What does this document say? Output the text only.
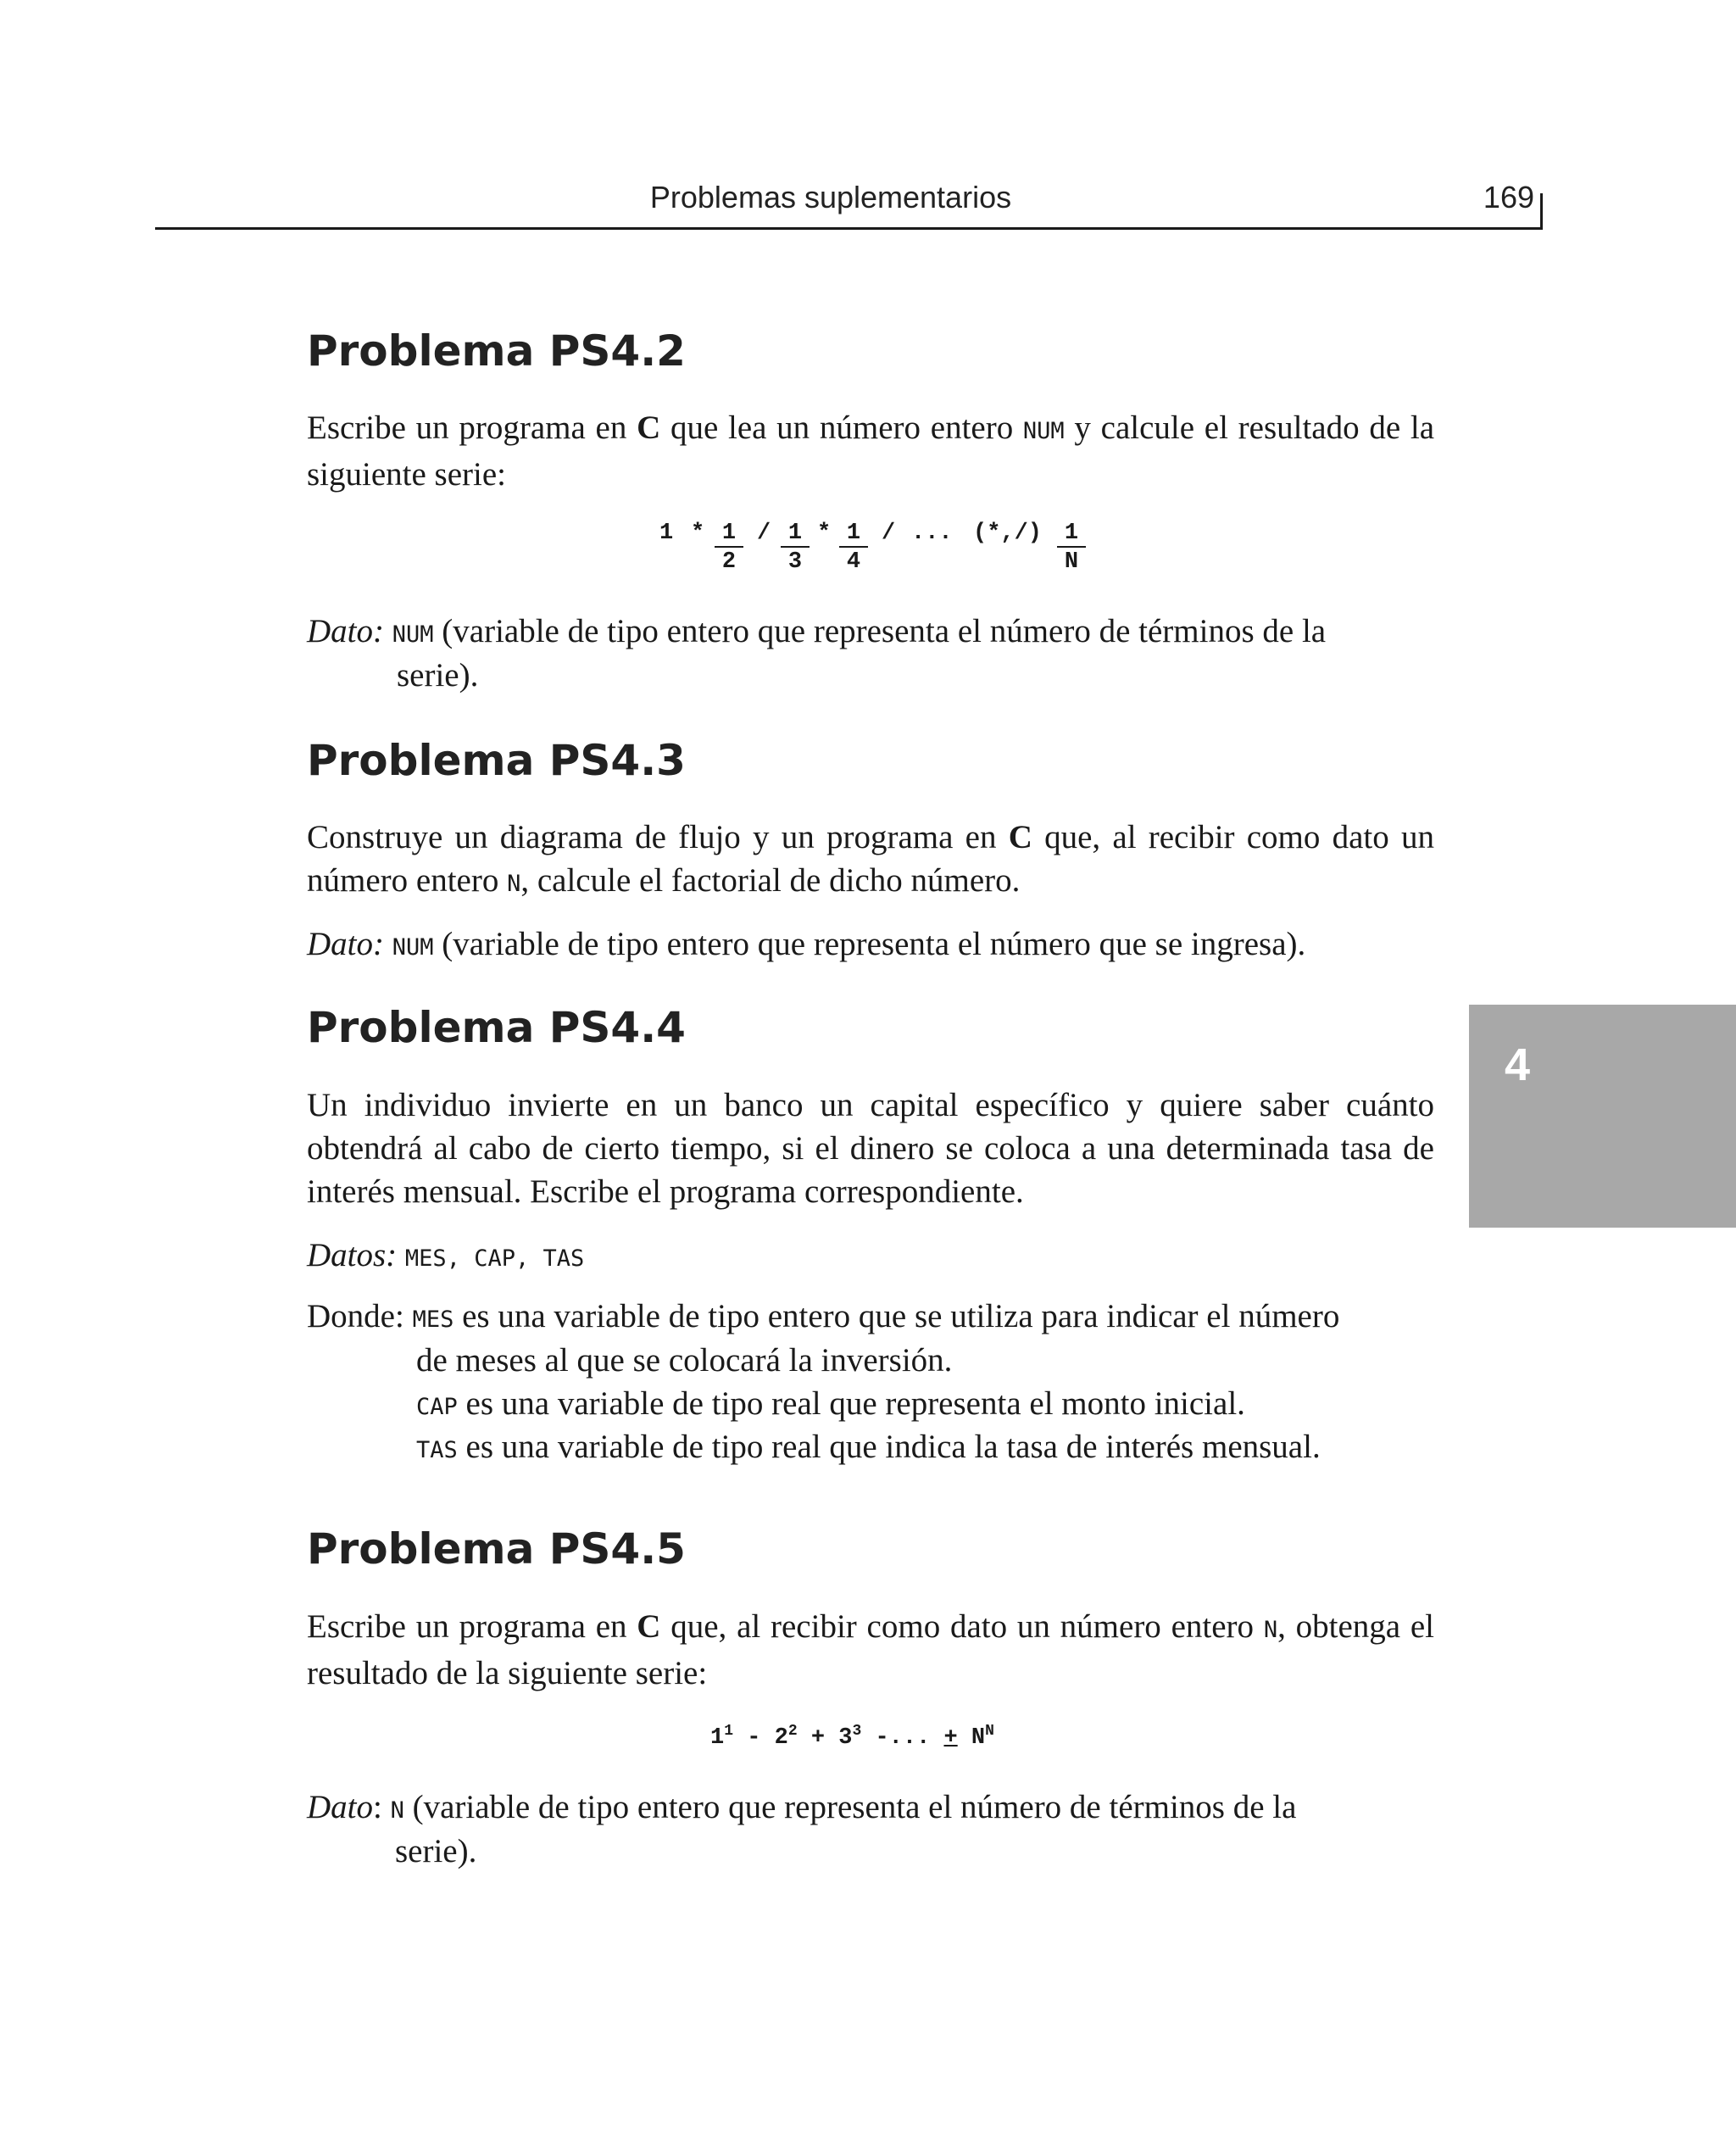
Problemas suplementarios	169
4
Problema PS4.2
Escribe un programa en C que lea un número entero NUM y calcule el resultado de la siguiente serie:
$1 * \frac{1}{2} / \frac{1}{3} * \frac{1}{4}$ / ... (*,/) $\frac{1}{N}$
Dato: NUM (variable de tipo entero que representa el número de términos de la
serie).
Problema PS4.3
Construye un diagrama de flujo y un programa en C que, al recibir como dato un número entero N, calcule el factorial de dicho número.
Dato: NUM (variable de tipo entero que representa el número que se ingresa).
Problema PS4.4
Un individuo invierte en un banco un capital específico y quiere saber cuánto obtendrá al cabo de cierto tiempo, si el dinero se coloca a una determinada tasa de interés mensual. Escribe el programa correspondiente.
Datos: MES, CAP, TAS
Donde: MES es una variable de tipo entero que se utiliza para indicar el número
de meses al que se colocará la inversión.
CAP es una variable de tipo real que representa el monto inicial.
TAS es una variable de tipo real que indica la tasa de interés mensual.
Problema PS4.5
Escribe un programa en C que, al recibir como dato un número entero N, obtenga el resultado de la siguiente serie:
$1^1 - 2^2 + 3^3$ -... + $N^N$
Dato: N (variable de tipo entero que representa el número de términos de la
serie).
